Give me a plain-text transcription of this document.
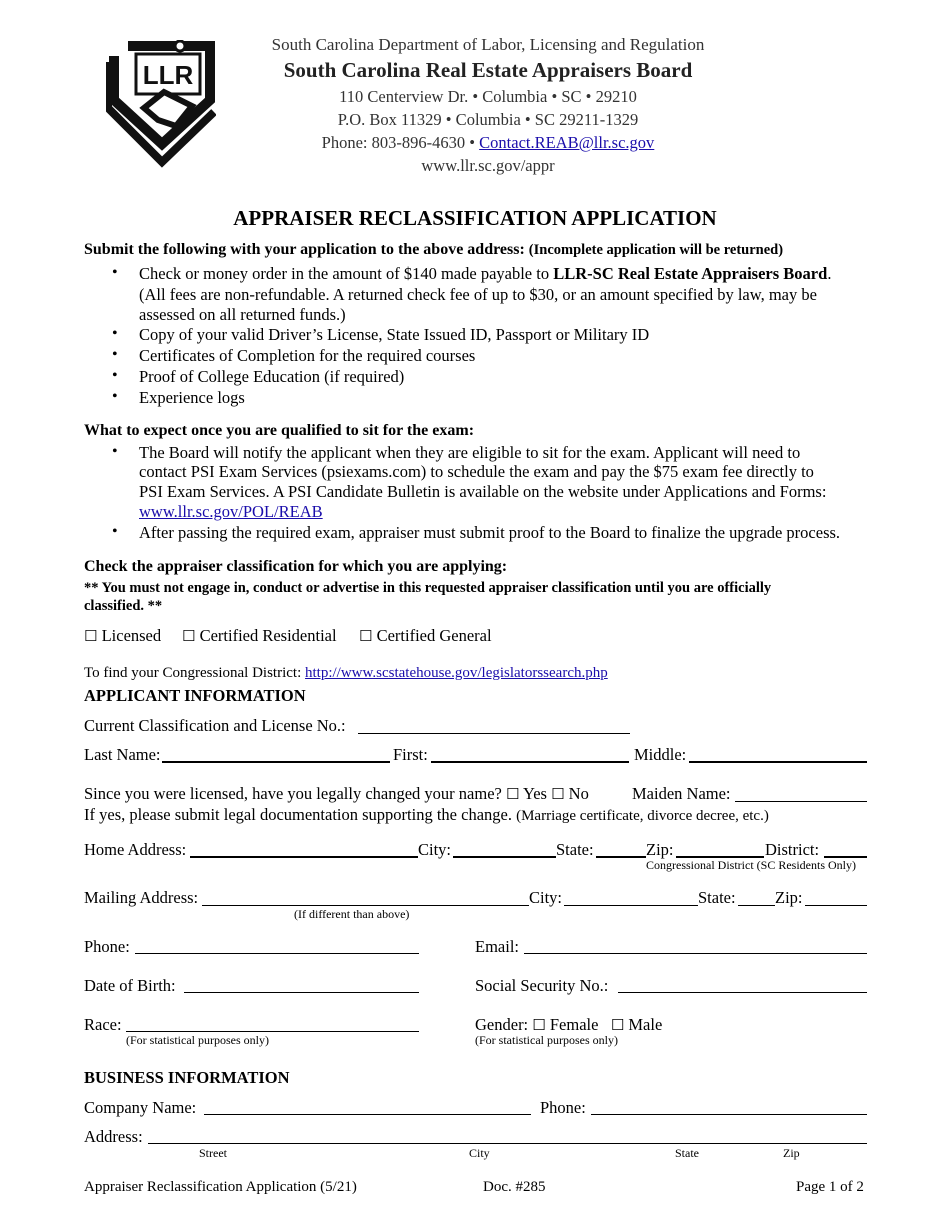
LLR
South Carolina Department of Labor, Licensing and Regulation
South Carolina Real Estate Appraisers Board
110 Centerview Dr. • Columbia • SC • 29210
P.O. Box 11329 • Columbia • SC 29211-1329
Phone: 803-896-4630 • Contact.REAB@llr.sc.gov
www.llr.sc.gov/appr
APPRAISER RECLASSIFICATION APPLICATION
Submit the following with your application to the above address: (Incomplete application will be returned)
• Check or money order in the amount of $140 made payable to LLR-SC Real Estate Appraisers Board.
(All fees are non-refundable. A returned check fee of up to $30, or an amount specified by law, may be
assessed on all returned funds.)
• Copy of your valid Driver’s License, State Issued ID, Passport or Military ID
• Certificates of Completion for the required courses
• Proof of College Education (if required)
• Experience logs
What to expect once you are qualified to sit for the exam:
• The Board will notify the applicant when they are eligible to sit for the exam. Applicant will need to
contact PSI Exam Services (psiexams.com) to schedule the exam and pay the $75 exam fee directly to
PSI Exam Services. A PSI Candidate Bulletin is available on the website under Applications and Forms:
www.llr.sc.gov/POL/REAB
• After passing the required exam, appraiser must submit proof to the Board to finalize the upgrade process.
Check the appraiser classification for which you are applying:
** You must not engage in, conduct or advertise in this requested appraiser classification until you are officially
classified. **
☐ Licensed ☐ Certified Residential ☐ Certified General
To find your Congressional District: http://www.scstatehouse.gov/legislatorssearch.php
APPLICANT INFORMATION
Current Classification and License No.:
Last Name:	First:	Middle:
Since you were licensed, have you legally changed your name? ☐ Yes ☐ No	Maiden Name:
If yes, please submit legal documentation supporting the change. (Marriage certificate, divorce decree, etc.)
Home Address:	City:	State:	Zip:	District:
Congressional District (SC Residents Only)
Mailing Address:	City:	State: Zip:
(If different than above)
Phone:	Email:
Date of Birth:	Social Security No.:
Race:
(For statistical purposes only)
Gender: ☐ Female ☐ Male
(For statistical purposes only)
BUSINESS INFORMATION
Company Name:	Phone:
Address:
Street	City	State	Zip
Appraiser Reclassification Application (5/21)	Doc. #285	Page 1 of 2
